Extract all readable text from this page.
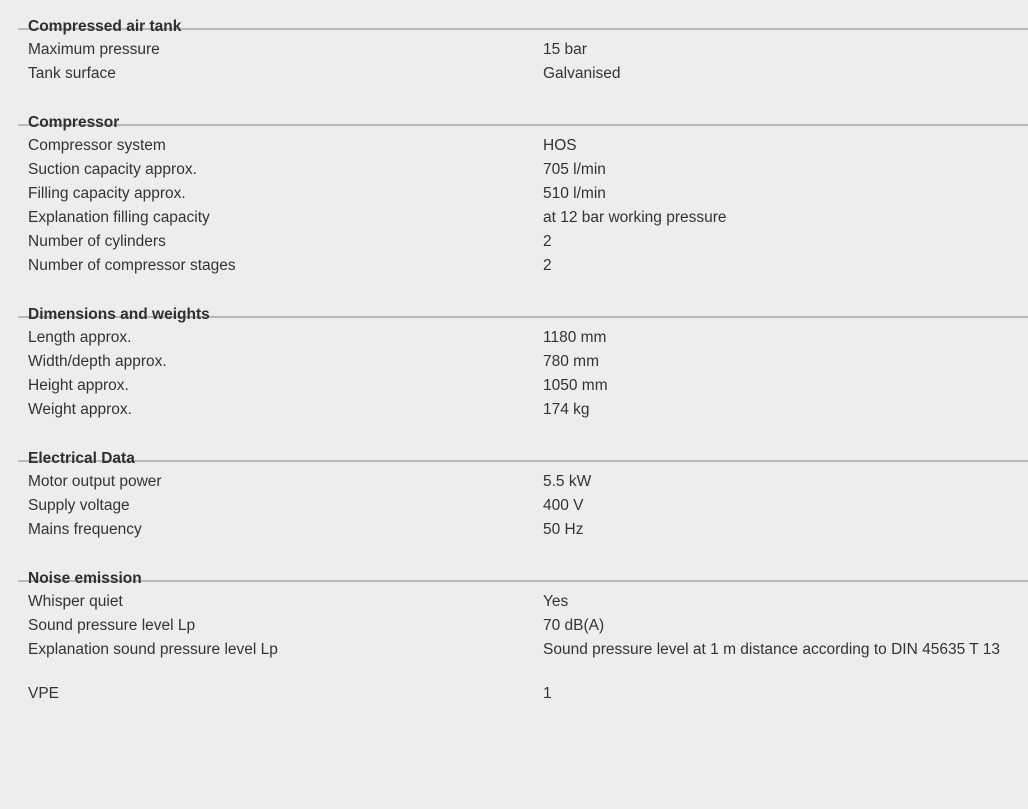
Compressed air tank
Maximum pressure	15 bar
Tank surface	Galvanised
Compressor
Compressor system	HOS
Suction capacity approx.	705 l/min
Filling capacity approx.	510 l/min
Explanation filling capacity	at 12 bar working pressure
Number of cylinders	2
Number of compressor stages	2
Dimensions and weights
Length approx.	1180 mm
Width/depth approx.	780 mm
Height approx.	1050 mm
Weight approx.	174 kg
Electrical Data
Motor output power	5.5 kW
Supply voltage	400 V
Mains frequency	50 Hz
Noise emission
Whisper quiet	Yes
Sound pressure level Lp	70 dB(A)
Explanation sound pressure level Lp	Sound pressure level at 1 m distance according to DIN 45635 T 13
VPE	1
